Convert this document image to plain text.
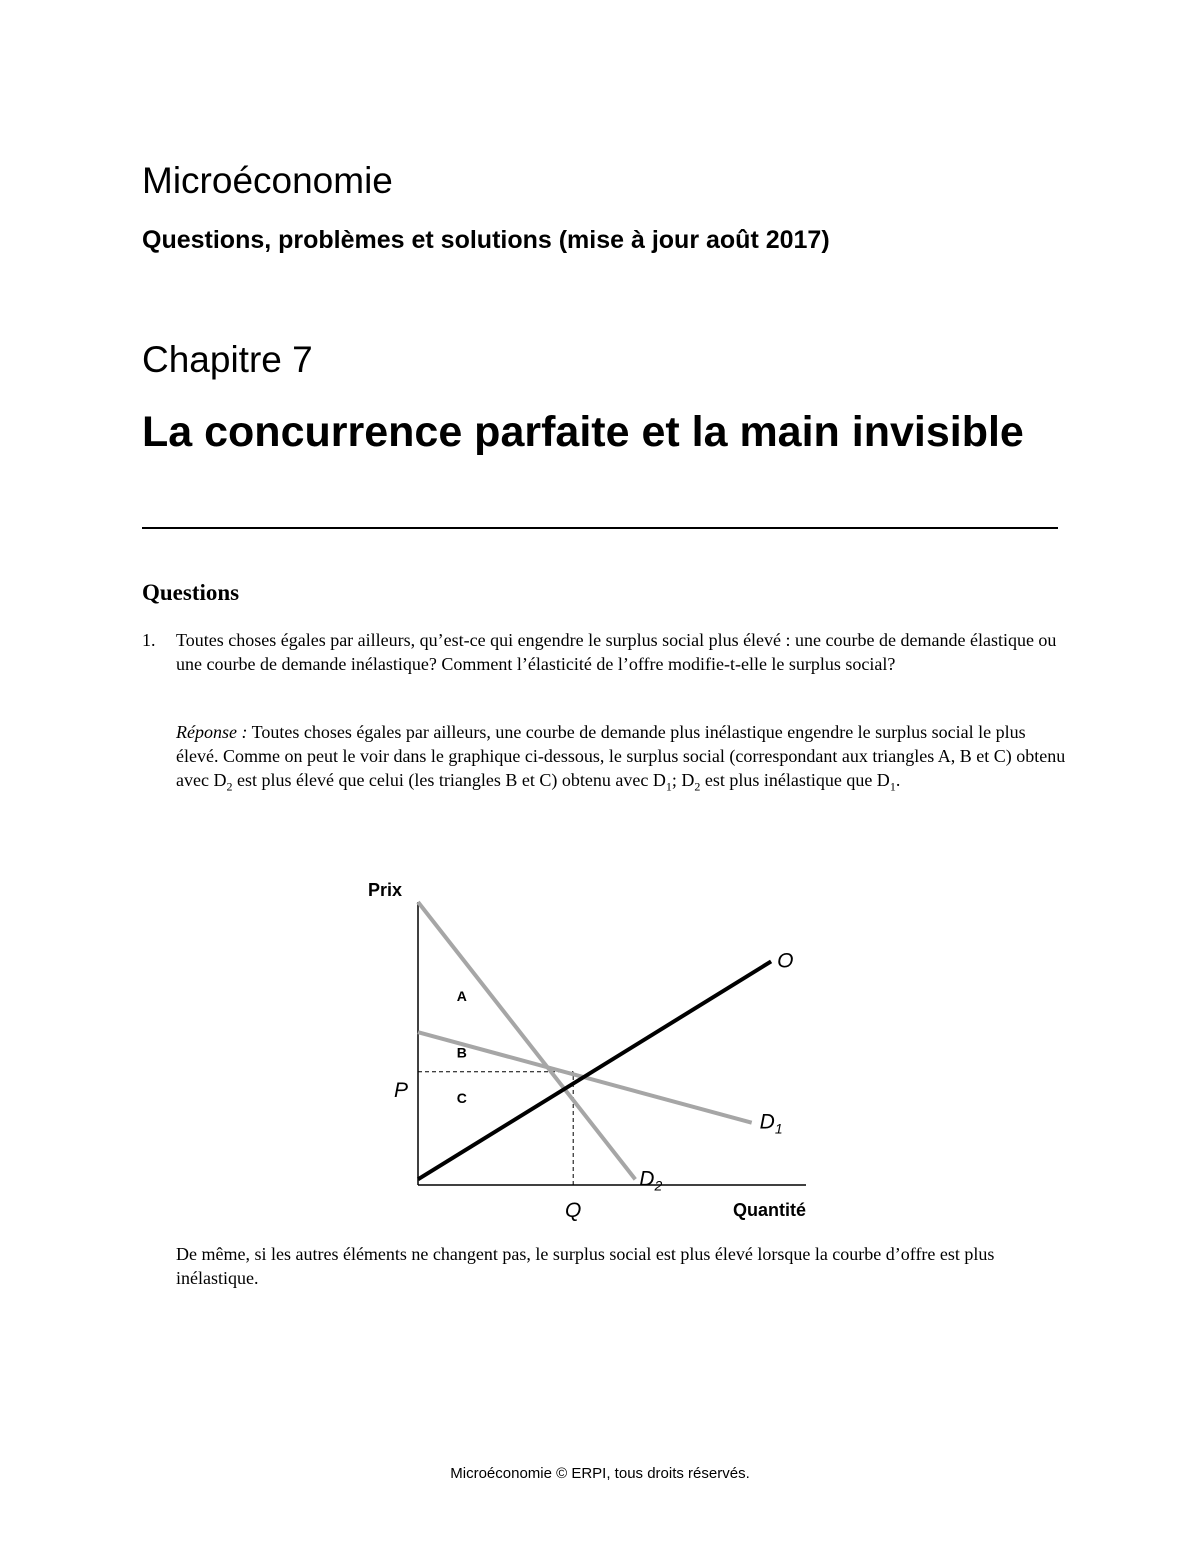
Microéconomie
Questions, problèmes et solutions (mise à jour août 2017)
Chapitre 7
La concurrence parfaite et la main invisible
Questions
1. Toutes choses égales par ailleurs, qu’est-ce qui engendre le surplus social plus élevé : une courbe de demande élastique ou une courbe de demande inélastique? Comment l’élasticité de l’offre modifie-t-elle le surplus social?
Réponse : Toutes choses égales par ailleurs, une courbe de demande plus inélastique engendre le surplus social le plus élevé. Comme on peut le voir dans le graphique ci-dessous, le surplus social (correspondant aux triangles A, B et C) obtenu avec $D_2$ est plus élevé que celui (les triangles B et C) obtenu avec $D_1$; $D_2$ est plus inélastique que $D_1$.
Prix
Quantité
P
Q
O
$D_1$
$D_2$
A
B
C
De même, si les autres éléments ne changent pas, le surplus social est plus élevé lorsque la courbe d’offre est plus inélastique.
Microéconomie © ERPI, tous droits réservés.
